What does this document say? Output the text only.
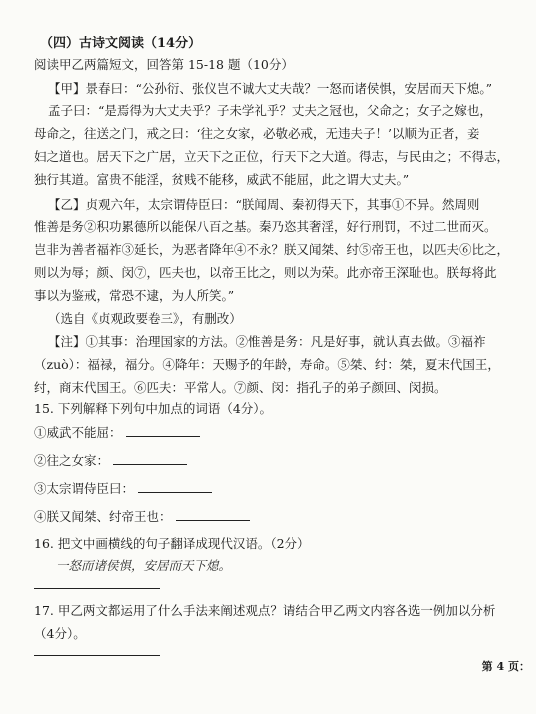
（四）古诗文阅读（14分）
阅读甲乙两篇短文，回答第 15-18 题（10分）
【甲】景春曰：“公孙衍、张仪岂不诚大丈夫哉？一怒而诸侯惧，安居而天下熄。”
孟子曰：“是焉得为大丈夫乎？子未学礼乎？丈夫之冠也，父命之；女子之嫁也，
母命之，往送之门，戒之曰：‘往之女家，必敬必戒，无违夫子！’以顺为正者，妾
妇之道也。居天下之广居，立天下之正位，行天下之大道。得志，与民由之；不得志，
独行其道。富贵不能淫，贫贱不能移，威武不能屈，此之谓大丈夫。”
【乙】贞观六年，太宗谓侍臣曰：“朕闻周、秦初得天下，其事①不异。然周则
惟善是务②积功累德所以能保八百之基。秦乃恣其奢淫，好行刑罚，不过二世而灭。
岂非为善者福祚③延长，为恶者降年④不永？朕又闻桀、纣⑤帝王也，以匹夫⑥比之，
则以为辱；颜、闵⑦，匹夫也，以帝王比之，则以为荣。此亦帝王深耻也。朕每将此
事以为鉴戒，常恐不逮，为人所笑。”
（选自《贞观政要卷三》，有删改）
【注】①其事：治理国家的方法。②惟善是务：凡是好事，就认真去做。③福祚
（zuò）：福禄，福分。④降年：天赐予的年龄，寿命。⑤桀、纣：桀，夏末代国王，
纣，商末代国王。⑥匹夫：平常人。⑦颜、闵：指孔子的弟子颜回、闵损。
15. 下列解释下列句中加点的词语（4分）。
①威武不能屈：
②往之女家：
③太宗谓侍臣曰：
④朕又闻桀、纣帝王也：
16. 把文中画横线的句子翻译成现代汉语。（2分）
一怒而诸侯惧，安居而天下熄。
17. 甲乙两文都运用了什么手法来阐述观点？请结合甲乙两文内容各选一例加以分析
（4分）。
第 4 页：
